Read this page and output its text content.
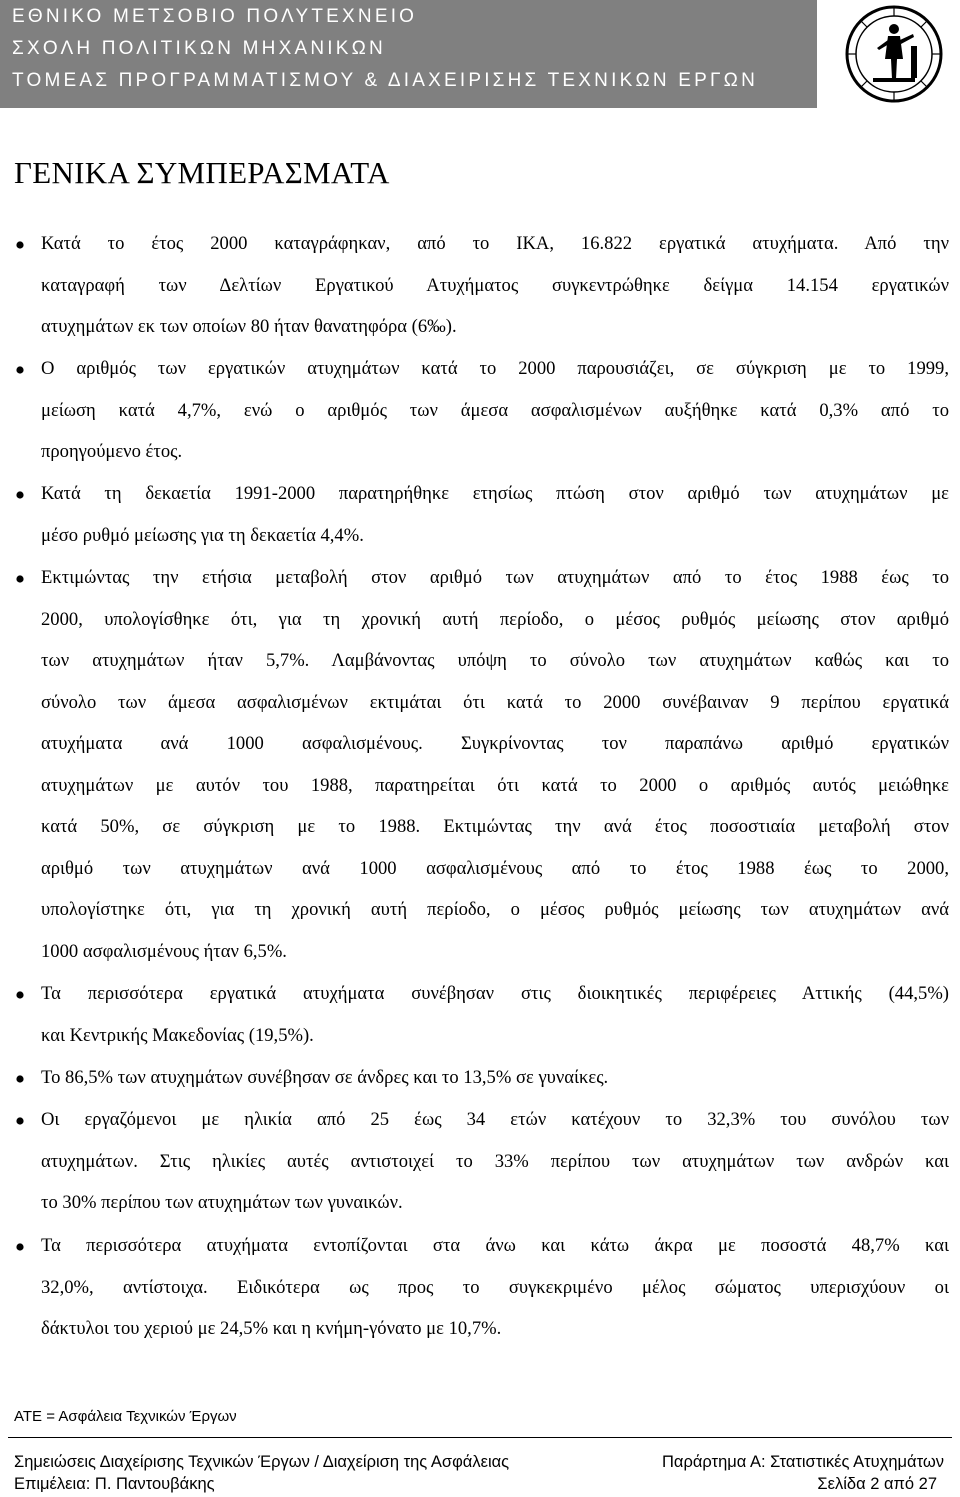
ΕΘΝΙΚΟ ΜΕΤΣΟΒΙΟ ΠΟΛΥΤΕΧΝΕΙΟ
ΣΧΟΛΗ ΠΟΛΙΤΙΚΩΝ ΜΗΧΑΝΙΚΩΝ
ΤΟΜΕΑΣ ΠΡΟΓΡΑΜΜΑΤΙΣΜΟΥ & ΔΙΑΧΕΙΡΙΣΗΣ ΤΕΧΝΙΚΩΝ ΕΡΓΩΝ
ΓΕΝΙΚΑ ΣΥΜΠΕΡΑΣΜΑΤΑ
Κατά το έτος 2000 καταγράφηκαν, από το ΙΚΑ, 16.822 εργατικά ατυχήματα. Από την
καταγραφή των Δελτίων Εργατικού Ατυχήματος συγκεντρώθηκε δείγμα 14.154 εργατικών
ατυχημάτων εκ των οποίων 80 ήταν θανατηφόρα (6‰).
Ο αριθμός των εργατικών ατυχημάτων κατά το 2000 παρουσιάζει, σε σύγκριση με το 1999,
μείωση κατά 4,7%, ενώ ο αριθμός των άμεσα ασφαλισμένων αυξήθηκε κατά 0,3% από το
προηγούμενο έτος.
Κατά τη δεκαετία 1991-2000 παρατηρήθηκε ετησίως πτώση στον αριθμό των ατυχημάτων με
μέσο ρυθμό μείωσης για τη δεκαετία 4,4%.
Εκτιμώντας την ετήσια μεταβολή στον αριθμό των ατυχημάτων από το έτος 1988 έως το
2000, υπολογίσθηκε ότι, για τη χρονική αυτή περίοδο, ο μέσος ρυθμός μείωσης στον αριθμό
των ατυχημάτων ήταν 5,7%. Λαμβάνοντας υπόψη το σύνολο των ατυχημάτων καθώς και το
σύνολο των άμεσα ασφαλισμένων εκτιμάται ότι κατά το 2000 συνέβαιναν 9 περίπου εργατικά
ατυχήματα ανά 1000 ασφαλισμένους. Συγκρίνοντας τον παραπάνω αριθμό εργατικών
ατυχημάτων με αυτόν του 1988, παρατηρείται ότι κατά το 2000 ο αριθμός αυτός μειώθηκε
κατά 50%, σε σύγκριση με το 1988. Εκτιμώντας την ανά έτος ποσοστιαία μεταβολή στον
αριθμό των ατυχημάτων ανά 1000 ασφαλισμένους από το έτος 1988 έως το 2000,
υπολογίστηκε ότι, για τη χρονική αυτή περίοδο, ο μέσος ρυθμός μείωσης των ατυχημάτων ανά
1000 ασφαλισμένους ήταν 6,5%.
Τα περισσότερα εργατικά ατυχήματα συνέβησαν στις διοικητικές περιφέρειες Αττικής (44,5%)
και Κεντρικής Μακεδονίας (19,5%).
Το 86,5% των ατυχημάτων συνέβησαν σε άνδρες και το 13,5% σε γυναίκες.
Οι εργαζόμενοι με ηλικία από 25 έως 34 ετών κατέχουν το 32,3% του συνόλου των
ατυχημάτων. Στις ηλικίες αυτές αντιστοιχεί το 33% περίπου των ατυχημάτων των ανδρών και
το 30% περίπου των ατυχημάτων των γυναικών.
Τα περισσότερα ατυχήματα εντοπίζονται στα άνω και κάτω άκρα με ποσοστά 48,7% και
32,0%, αντίστοιχα. Ειδικότερα ως προς το συγκεκριμένο μέλος σώματος υπερισχύουν οι
δάκτυλοι του χεριού με 24,5% και η κνήμη-γόνατο με 10,7%.
ΑΤΕ = Ασφάλεια Τεχνικών Έργων
Σημειώσεις Διαχείρισης Τεχνικών Έργων / Διαχείριση της Ασφάλειας
Επιμέλεια: Π. Παντουβάκης
Παράρτημα Α: Στατιστικές Ατυχημάτων
Σελίδα 2 από 27
